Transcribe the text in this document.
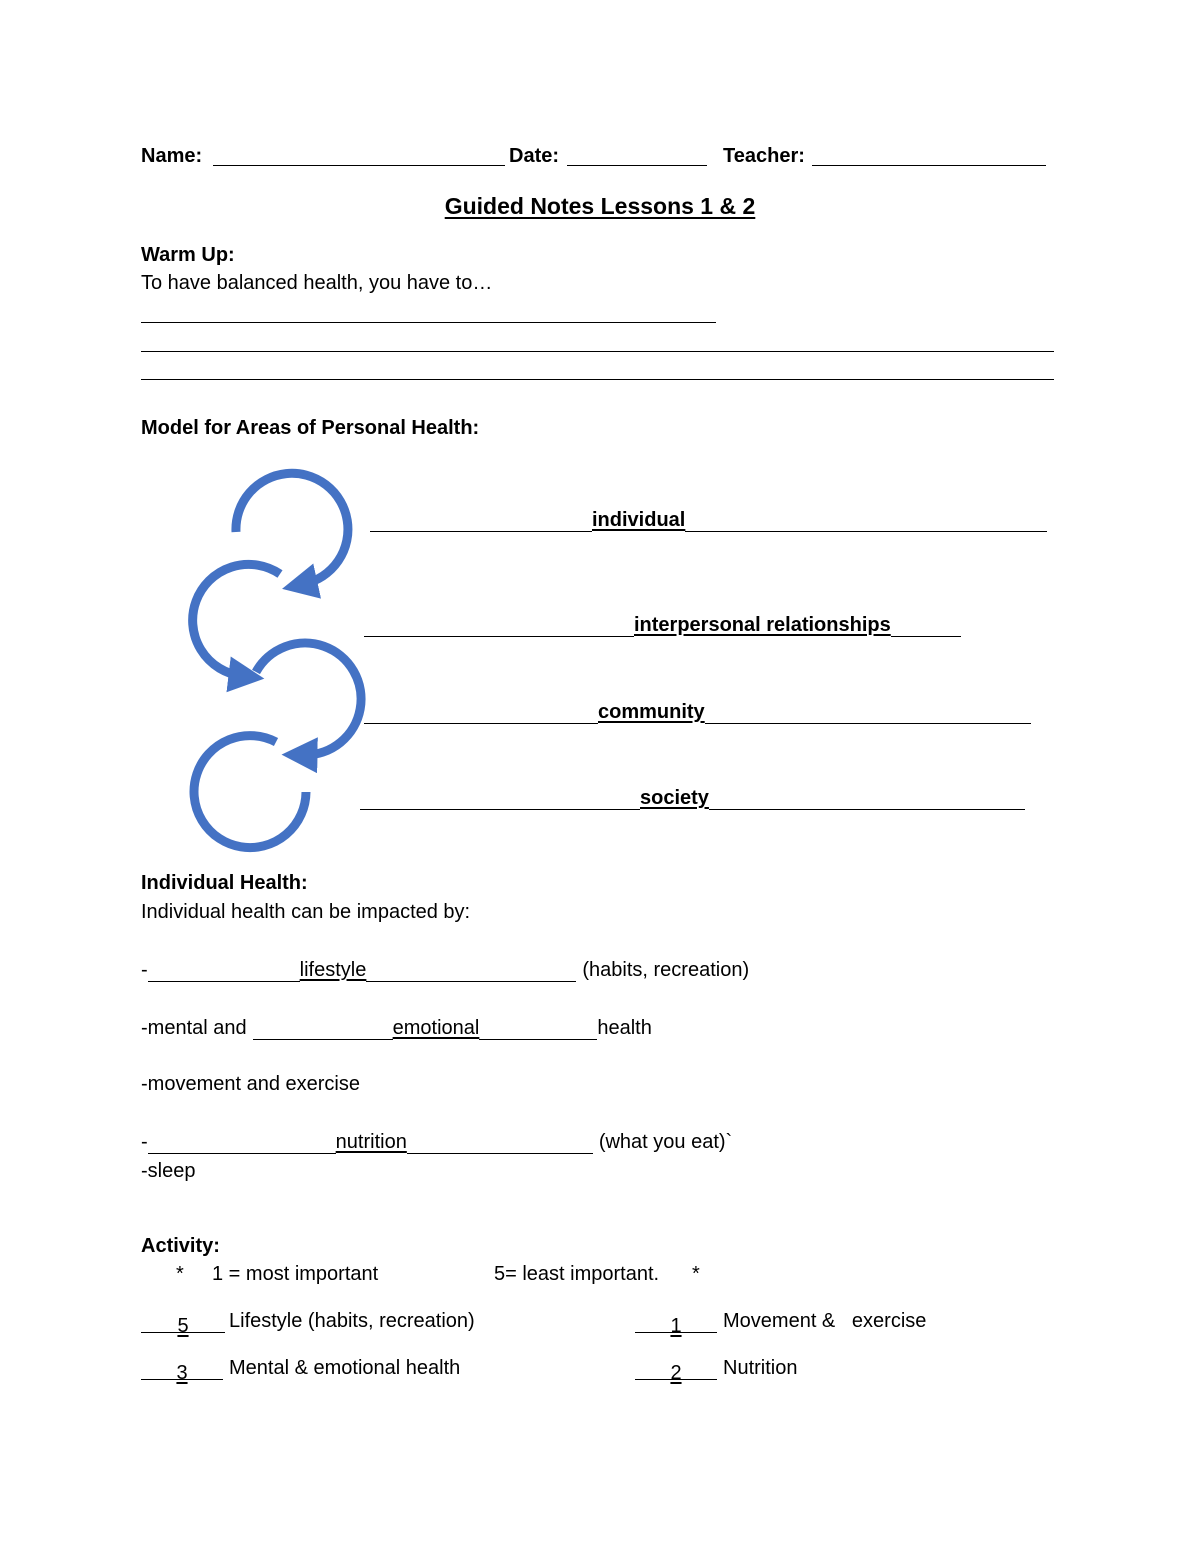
Name:	Date:	Teacher:
Guided Notes Lessons 1 & 2
Warm Up:
To have balanced health, you have to…
Model for Areas of Personal Health:
individual
interpersonal relationships
community
society
Individual Health:
Individual health can be impacted by:
-	lifestyle	(habits, recreation)
-mental and	emotional	health
-movement and exercise
-	nutrition	(what you eat)`
-sleep
Activity:
* 1 = most important	5= least important. *
5	Lifestyle (habits, recreation)	1	Movement &   exercise
3	Mental & emotional health	2	Nutrition
